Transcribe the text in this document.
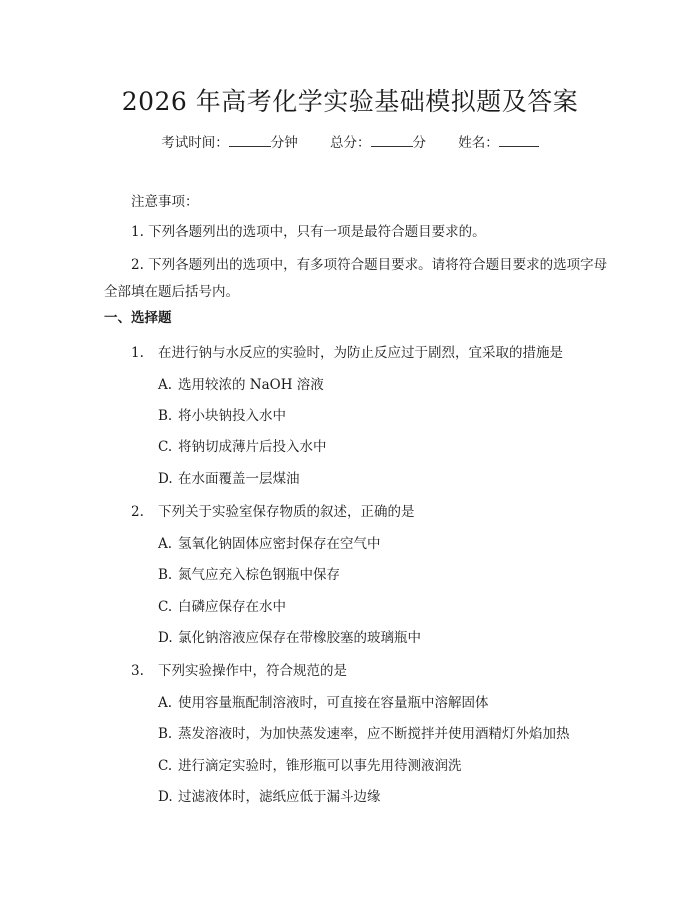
2026 年高考化学实验基础模拟题及答案
考试时间：	分钟 总分：	分 姓名：
注意事项：
1. 下列各题列出的选项中，只有一项是最符合题目要求的。
2. 下列各题列出的选项中，有多项符合题目要求。请将符合题目要求的选项字母全部填在题后括号内。
一、选择题
1. 在进行钠与水反应的实验时，为防止反应过于剧烈，宜采取的措施是
A. 选用较浓的 NaOH 溶液
B. 将小块钠投入水中
C. 将钠切成薄片后投入水中
D. 在水面覆盖一层煤油
2. 下列关于实验室保存物质的叙述，正确的是
A. 氢氧化钠固体应密封保存在空气中
B. 氮气应充入棕色钢瓶中保存
C. 白磷应保存在水中
D. 氯化钠溶液应保存在带橡胶塞的玻璃瓶中
3. 下列实验操作中，符合规范的是
A. 使用容量瓶配制溶液时，可直接在容量瓶中溶解固体
B. 蒸发溶液时，为加快蒸发速率，应不断搅拌并使用酒精灯外焰加热
C. 进行滴定实验时，锥形瓶可以事先用待测液润洗
D. 过滤液体时，滤纸应低于漏斗边缘
